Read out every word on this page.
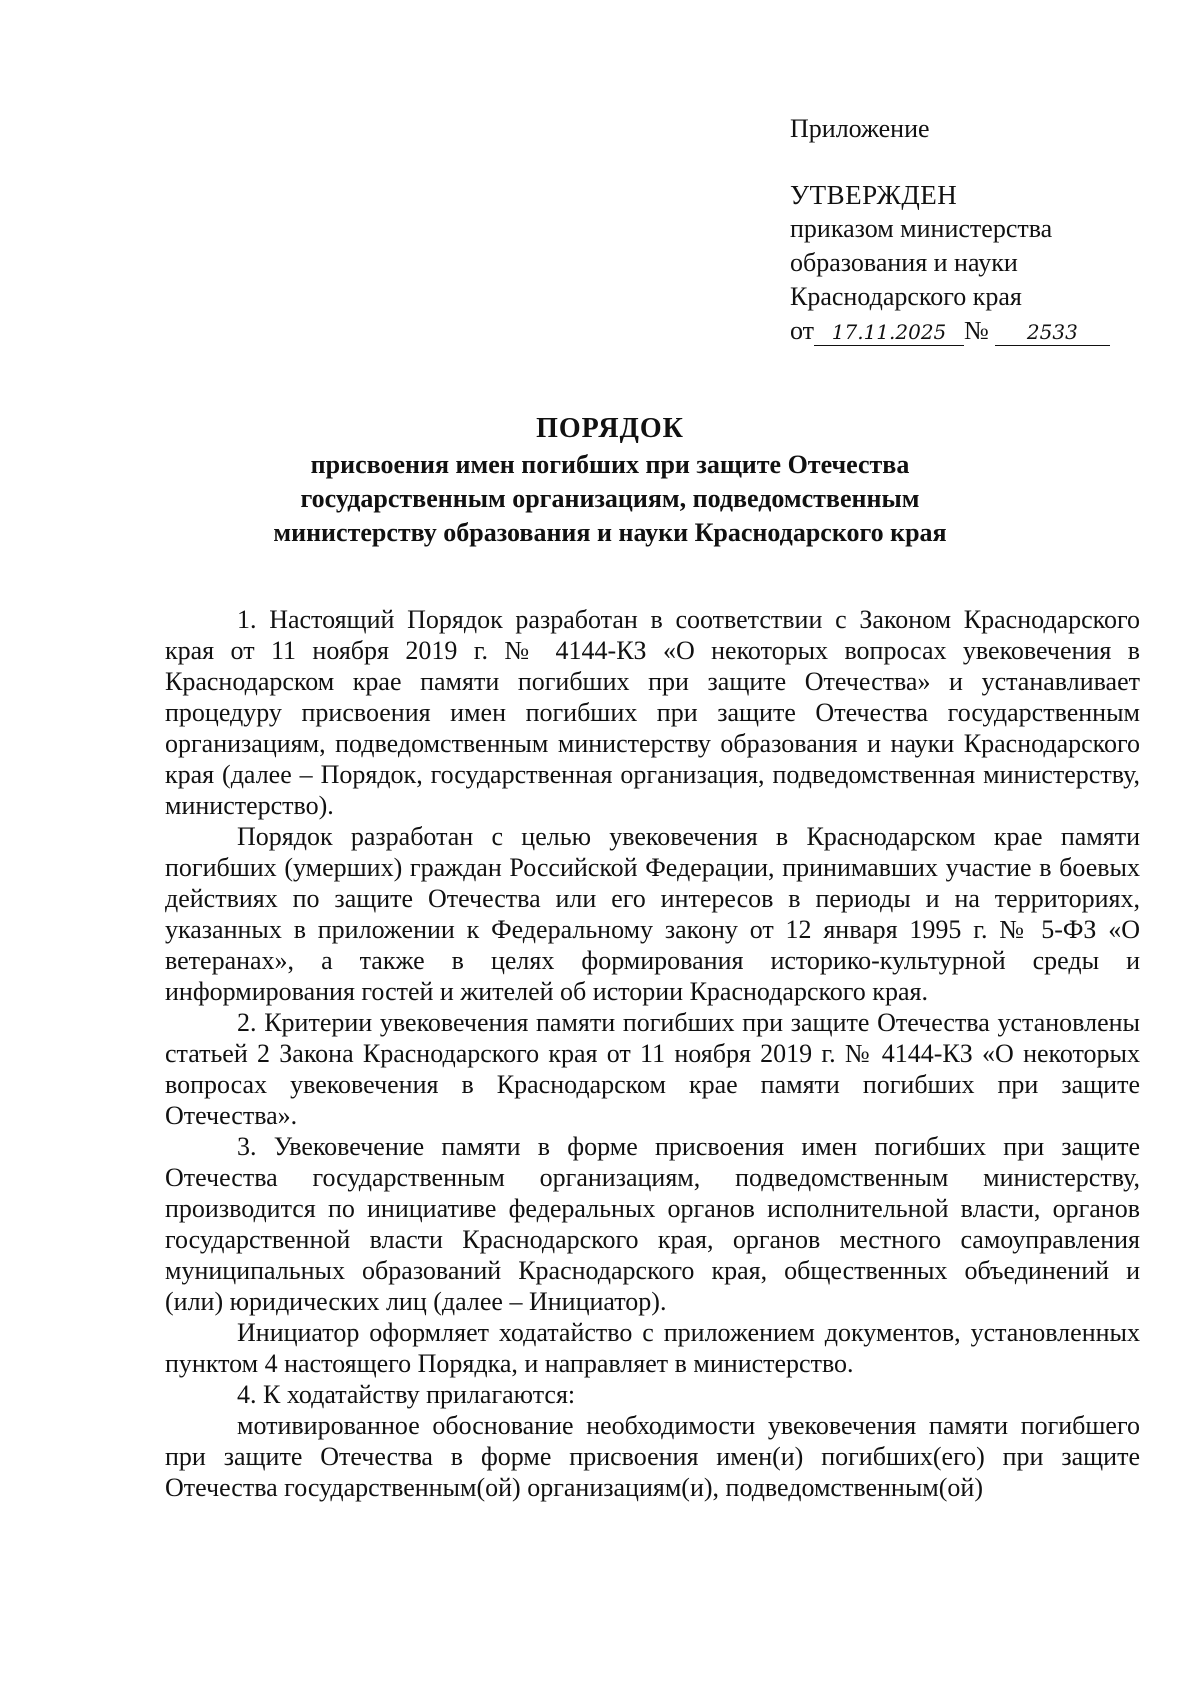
Приложение
УТВЕРЖДЕН
приказом министерства
образования и науки
Краснодарского края
от 17.11.2025 № 2533
ПОРЯДОК
присвоения имен погибших при защите Отечества
государственным организациям, подведомственным
министерству образования и науки Краснодарского края

1. Настоящий Порядок разработан в соответствии с Законом Краснодарского края от 11 ноября 2019 г. № 4144-КЗ «О некоторых вопросах увековечения в Краснодарском крае памяти погибших при защите Отечества» и устанавливает процедуру присвоения имен погибших при защите Отечества государственным организациям, подведомственным министерству образования и науки Краснодарского края (далее – Порядок, государственная организация, подведомственная министерству, министерство).

Порядок разработан с целью увековечения в Краснодарском крае памяти погибших (умерших) граждан Российской Федерации, принимавших участие в боевых действиях по защите Отечества или его интересов в периоды и на территориях, указанных в приложении к Федеральному закону от 12 января 1995 г. № 5-ФЗ «О ветеранах», а также в целях формирования историко-культурной среды и информирования гостей и жителей об истории Краснодарского края.

2. Критерии увековечения памяти погибших при защите Отечества установлены статьей 2 Закона Краснодарского края от 11 ноября 2019 г. № 4144-КЗ «О некоторых вопросах увековечения в Краснодарском крае памяти погибших при защите Отечества».

3. Увековечение памяти в форме присвоения имен погибших при защите Отечества государственным организациям, подведомственным министерству, производится по инициативе федеральных органов исполнительной власти, органов государственной власти Краснодарского края, органов местного самоуправления муниципальных образований Краснодарского края, общественных объединений и (или) юридических лиц (далее – Инициатор).

Инициатор оформляет ходатайство с приложением документов, установленных пунктом 4 настоящего Порядка, и направляет в министерство.

4. К ходатайству прилагаются:

мотивированное обоснование необходимости увековечения памяти погибшего при защите Отечества в форме присвоения имен(и) погибших(его) при защите Отечества государственным(ой) организациям(и), подведомственным(ой)
